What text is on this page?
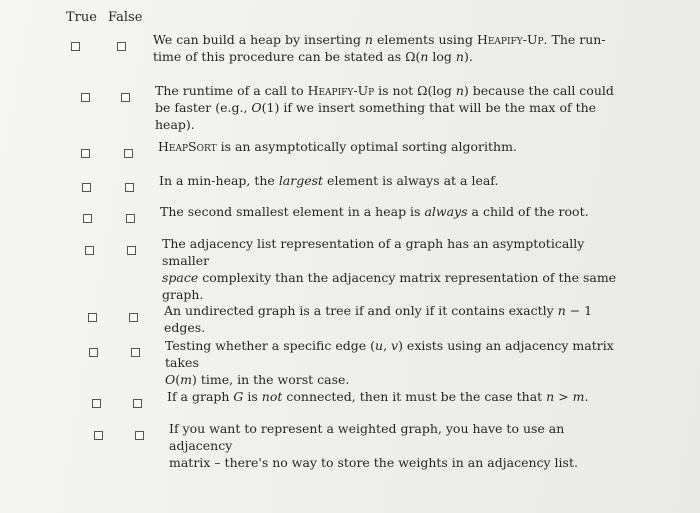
True False
We can build a heap by inserting n elements using Heapify-Up. The run-
time of this procedure can be stated as Ω(n log n).
The runtime of a call to Heapify-Up is not Ω(log n) because the call could
be faster (e.g., O(1) if we insert something that will be the max of the heap).
HeapSort is an asymptotically optimal sorting algorithm.
In a min-heap, the largest element is always at a leaf.
The second smallest element in a heap is always a child of the root.
The adjacency list representation of a graph has an asymptotically smaller
space complexity than the adjacency matrix representation of the same
graph.
An undirected graph is a tree if and only if it contains exactly n − 1 edges.
Testing whether a specific edge (u, v) exists using an adjacency matrix takes
O(m) time, in the worst case.
If a graph G is not connected, then it must be the case that n > m.
If you want to represent a weighted graph, you have to use an adjacency
matrix – there's no way to store the weights in an adjacency list.
